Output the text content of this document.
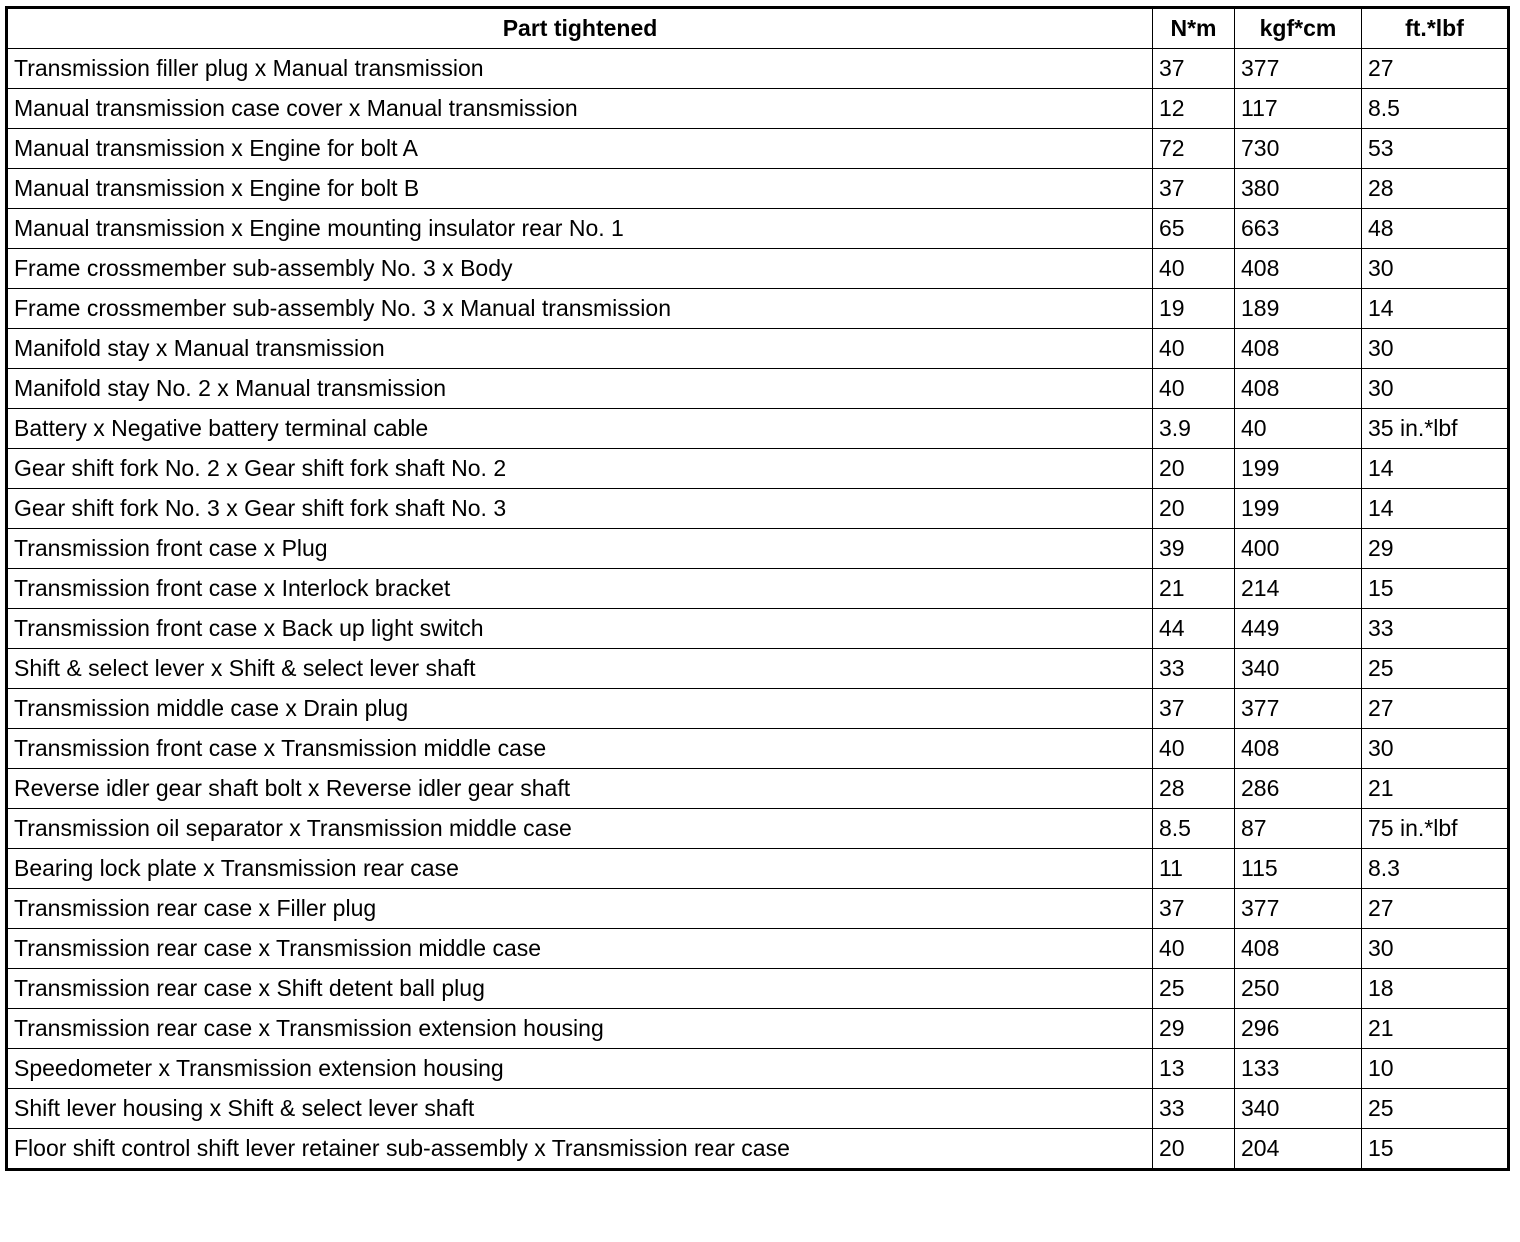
Part tightened	N*m	kgf*cm	ft.*lbf
Transmission filler plug x Manual transmission	37	377	27
Manual transmission case cover x Manual transmission	12	117	8.5
Manual transmission x Engine for bolt A	72	730	53
Manual transmission x Engine for bolt B	37	380	28
Manual transmission x Engine mounting insulator rear No. 1	65	663	48
Frame crossmember sub-assembly No. 3 x Body	40	408	30
Frame crossmember sub-assembly No. 3 x Manual transmission	19	189	14
Manifold stay x Manual transmission	40	408	30
Manifold stay No. 2 x Manual transmission	40	408	30
Battery x Negative battery terminal cable	3.9	40	35 in.*lbf
Gear shift fork No. 2 x Gear shift fork shaft No. 2	20	199	14
Gear shift fork No. 3 x Gear shift fork shaft No. 3	20	199	14
Transmission front case x Plug	39	400	29
Transmission front case x Interlock bracket	21	214	15
Transmission front case x Back up light switch	44	449	33
Shift & select lever x Shift & select lever shaft	33	340	25
Transmission middle case x Drain plug	37	377	27
Transmission front case x Transmission middle case	40	408	30
Reverse idler gear shaft bolt x Reverse idler gear shaft	28	286	21
Transmission oil separator x Transmission middle case	8.5	87	75 in.*lbf
Bearing lock plate x Transmission rear case	11	115	8.3
Transmission rear case x Filler plug	37	377	27
Transmission rear case x Transmission middle case	40	408	30
Transmission rear case x Shift detent ball plug	25	250	18
Transmission rear case x Transmission extension housing	29	296	21
Speedometer x Transmission extension housing	13	133	10
Shift lever housing x Shift & select lever shaft	33	340	25
Floor shift control shift lever retainer sub-assembly x Transmission rear case	20	204	15
